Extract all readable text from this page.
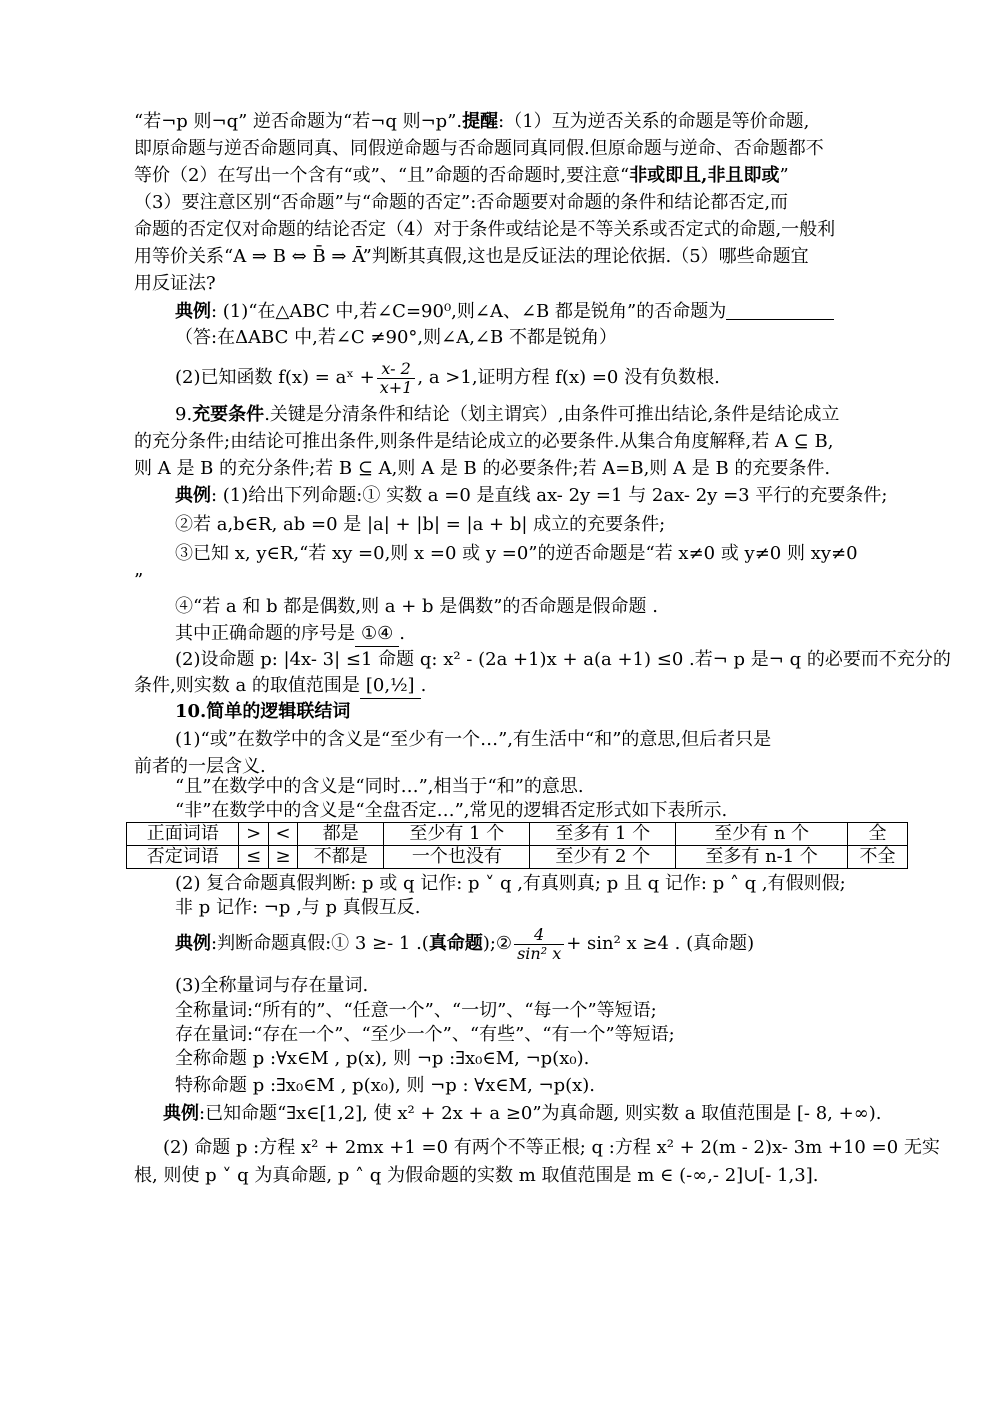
“若¬p 则¬q” 逆否命题为“若¬q 则¬p”.提醒:（1）互为逆否关系的命题是等价命题,
即原命题与逆否命题同真、同假逆命题与否命题同真同假.但原命题与逆命、否命题都不
等价（2）在写出一个含有“或”、“且”命题的否命题时,要注意“非或即且,非且即或”
（3）要注意区别“否命题”与“命题的否定”:否命题要对命题的条件和结论都否定,而
命题的否定仅对命题的结论否定（4）对于条件或结论是不等关系或否定式的命题,一般利
用等价关系“A ⇒ B ⇔ B̄ ⇒ Ā”判断其真假,这也是反证法的理论依据.（5）哪些命题宜
用反证法?
典例: (1)“在△ABC 中,若∠C=90⁰,则∠A、∠B 都是锐角”的否命题为
（答:在ΔABC 中,若∠C ≠90°,则∠A,∠B 不都是锐角）
(2)已知函数 f(x) = aˣ + $\frac{x- 2}{x+1}$ , a >1,证明方程 f(x) =0 没有负数根.
9.充要条件.关键是分清条件和结论（划主谓宾）,由条件可推出结论,条件是结论成立
的充分条件;由结论可推出条件,则条件是结论成立的必要条件.从集合角度解释,若 A ⊆ B,
则 A 是 B 的充分条件;若 B ⊆ A,则 A 是 B 的必要条件;若 A=B,则 A 是 B 的充要条件.
典例: (1)给出下列命题:① 实数 a =0 是直线 ax- 2y =1 与 2ax- 2y =3 平行的充要条件;
②若 a,b∈R, ab =0 是 |a| + |b| = |a + b| 成立的充要条件;
③已知 x, y∈R,“若 xy =0,则 x =0 或 y =0”的逆否命题是“若 x≠0 或 y≠0 则 xy≠0
”
④“若 a 和 b 都是偶数,则 a + b 是偶数”的否命题是假命题 .
其中正确命题的序号是 ①④ .
(2)设命题 p: |4x- 3| ≤1 命题 q: x² - (2a +1)x + a(a +1) ≤0 .若¬ p 是¬ q 的必要而不充分的
条件,则实数 a 的取值范围是 [0,½] .
10.简单的逻辑联结词
(1)“或”在数学中的含义是“至少有一个…”,有生活中“和”的意思,但后者只是
前者的一层含义.
“且”在数学中的含义是“同时…”,相当于“和”的意思.
“非”在数学中的含义是“全盘否定…”,常见的逻辑否定形式如下表所示.
正面词语	>	<	都是	至少有 1 个	至多有 1 个	至少有 n 个	全
否定词语	≤	≥	不都是	一个也没有	至少有 2 个	至多有 n-1 个	不全
(2) 复合命题真假判断: p 或 q 记作: p ˅ q ,有真则真; p 且 q 记作: p ˄ q ,有假则假;
非 p 记作: ¬p ,与 p 真假互反.
典例:判断命题真假:① 3 ≥- 1 .(真命题);② $\frac{4}{\text{sin² x}} + \sin^2$ x ≥4 . (真命题)
(3)全称量词与存在量词.
全称量词:“所有的”、“任意一个”、“一切”、“每一个”等短语;
存在量词:“存在一个”、“至少一个”、“有些”、“有一个”等短语;
全称命题 p :∀x∈M , p(x), 则 ¬p :∃x₀∈M, ¬p(x₀).
特称命题 p :∃x₀∈M , p(x₀), 则 ¬p : ∀x∈M, ¬p(x).
典例:已知命题“∃x∈[1,2], 使 x² + 2x + a ≥0”为真命题, 则实数 a 取值范围是 [- 8, +∞).
(2) 命题 p :方程 x² + 2mx +1 =0 有两个不等正根; q :方程 x² + 2(m - 2)x- 3m +10 =0 无实
根, 则使 p ˅ q 为真命题, p ˄ q 为假命题的实数 m 取值范围是 m ∈ (-∞,- 2]∪[- 1,3].
